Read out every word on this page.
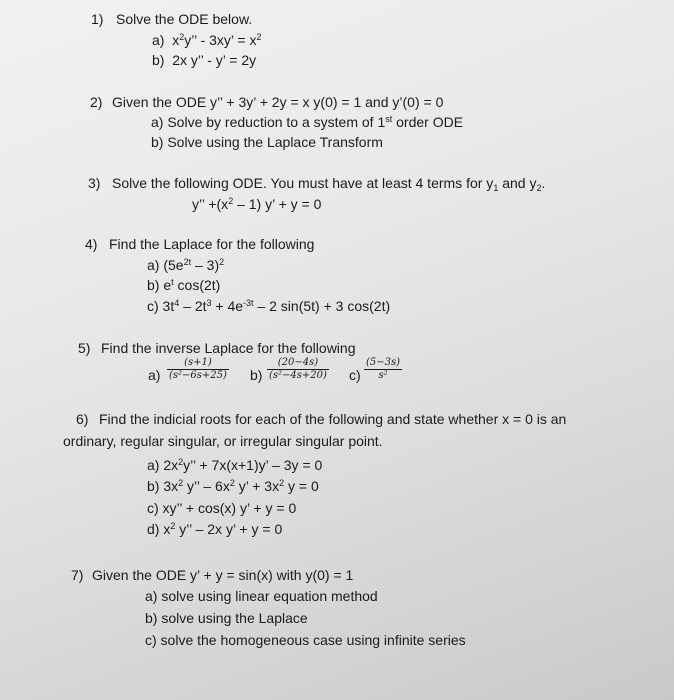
1) Solve the ODE below.
a) $x^2y$’’ - 3xy’ = $x^2$
b) 2x y’’ - y’ = 2y
2) Given the ODE y’’ + 3y’ + 2y = x y(0) = 1 and y’(0) = 0
a) Solve by reduction to a system of 1st order ODE
b) Solve using the Laplace Transform
3) Solve the following ODE. You must have at least 4 terms for $y_1$ and $y_2$.
y’’ $+(x^2 - 1) y$’ + y = 0
4) Find the Laplace for the following
a) $(5e^{2t} - 3)^2$
b) $e^t$ cos(2t)
c) $3t^4 - 2t^3 + 4e^{-3t} - 2$ sin(5t) + 3 cos(2t)
5) Find the inverse Laplace for the following
$a) \frac{(s+1)}{\text{(s²−6s+25)}} b) \frac{(20-4s)}{\text{(s²−4s+20)}} c) \frac{(5-3s)}{\text{s²}}$
6) Find the indicial roots for each of the following and state whether x = 0 is an
ordinary, regular singular, or irregular singular point.
a) $2x^2y$’’ + 7x(x+1)y’ – 3y = 0
b) $3x^2$ y’’ – $6x^2$ y’ + $3x^2$ y = 0
c) xy’’ + cos(x) y’ + y = 0
d) $x^2$ y’’ – 2x y’ + y = 0
7) Given the ODE y’ + y = sin(x) with y(0) = 1
a) solve using linear equation method
b) solve using the Laplace
c) solve the homogeneous case using infinite series
